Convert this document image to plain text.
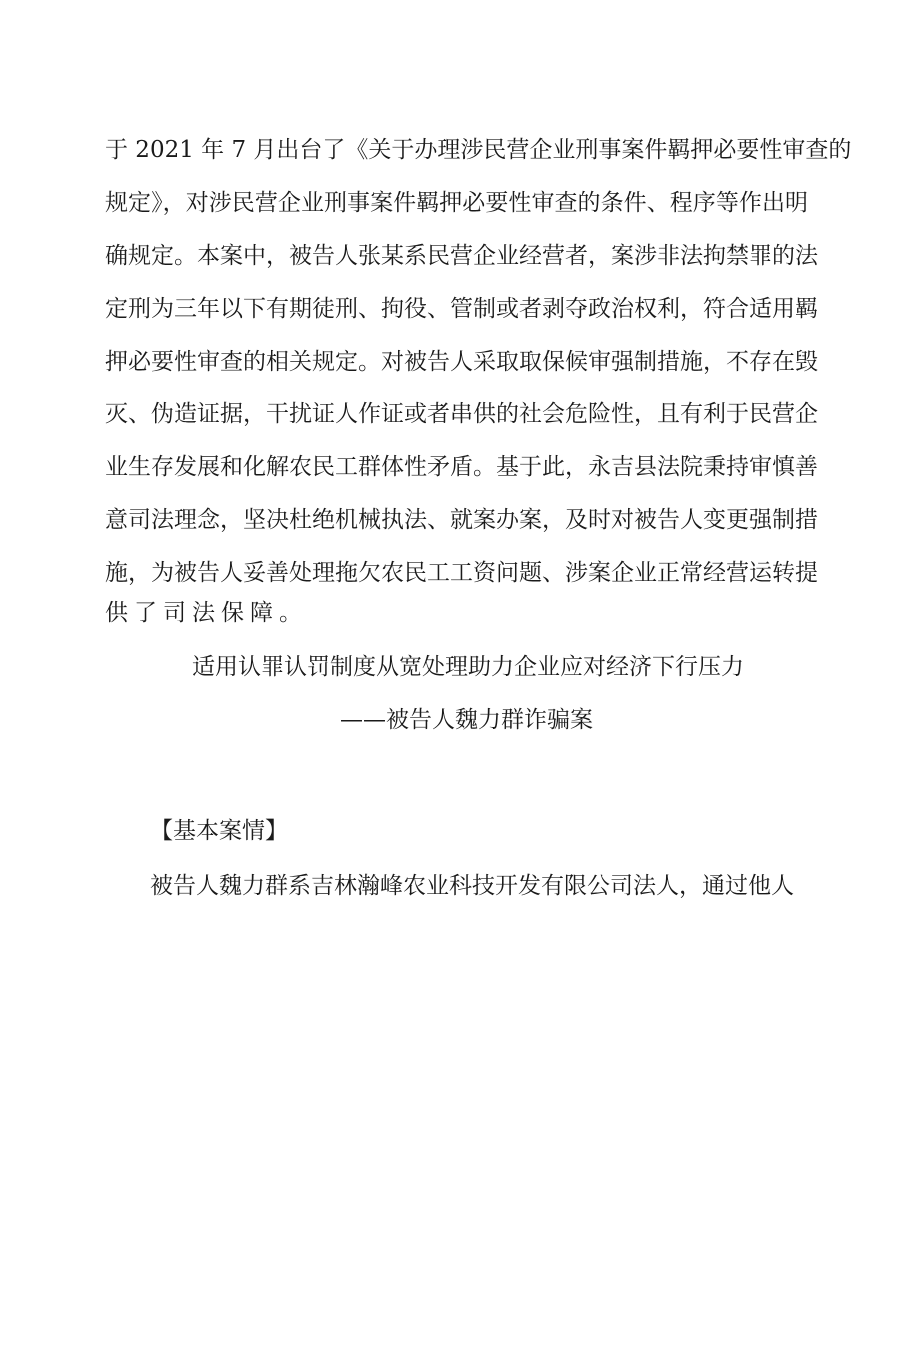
于 2021 年 7 月出台了《关于办理涉民营企业刑事案件羁押必要性审查的
规定》，对涉民营企业刑事案件羁押必要性审查的条件、程序等作出明
确规定。本案中，被告人张某系民营企业经营者，案涉非法拘禁罪的法
定刑为三年以下有期徒刑、拘役、管制或者剥夺政治权利，符合适用羁
押必要性审查的相关规定。对被告人采取取保候审强制措施，不存在毁
灭、伪造证据，干扰证人作证或者串供的社会危险性，且有利于民营企
业生存发展和化解农民工群体性矛盾。基于此，永吉县法院秉持审慎善
意司法理念，坚决杜绝机械执法、就案办案，及时对被告人变更强制措
施，为被告人妥善处理拖欠农民工工资问题、涉案企业正常经营运转提
供了司法保障。
适用认罪认罚制度从宽处理助力企业应对经济下行压力
——被告人魏力群诈骗案
【基本案情】
被告人魏力群系吉林瀚峰农业科技开发有限公司法人，通过他人
